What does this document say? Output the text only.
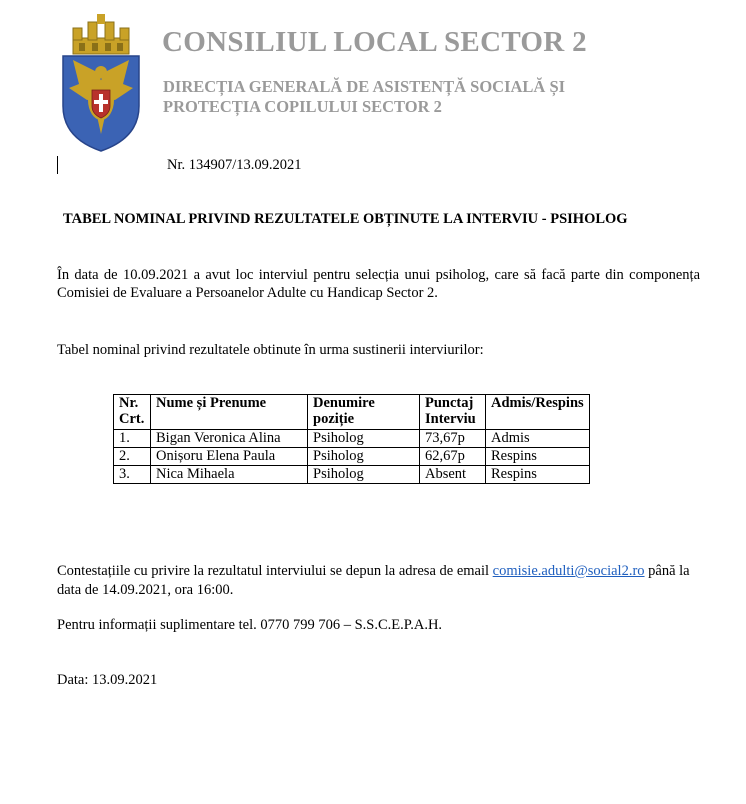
CONSILIUL LOCAL SECTOR 2
DIRECȚIA GENERALĂ DE ASISTENȚĂ SOCIALĂ ȘI
PROTECȚIA COPILULUI SECTOR 2
Nr. 134907/13.09.2021
TABEL NOMINAL PRIVIND REZULTATELE OBȚINUTE LA INTERVIU - PSIHOLOG
În data de 10.09.2021 a avut loc interviul pentru selecția unui psiholog, care să facă parte din componența Comisiei de Evaluare a Persoanelor Adulte cu Handicap Sector 2.
Tabel nominal privind rezultatele obtinute în urma sustinerii interviurilor:
Nr. Crt.	Nume și Prenume	Denumire poziție	Punctaj Interviu	Admis/Respins
1.	Bigan Veronica Alina	Psiholog	73,67p	Admis
2.	Onișoru Elena Paula	Psiholog	62,67p	Respins
3.	Nica Mihaela	Psiholog	Absent	Respins
Contestațiile cu privire la rezultatul interviului se depun la adresa de email comisie.adulti@social2.ro până la data de 14.09.2021, ora 16:00.
Pentru informații suplimentare tel. 0770 799 706 – S.S.C.E.P.A.H.
Data: 13.09.2021
